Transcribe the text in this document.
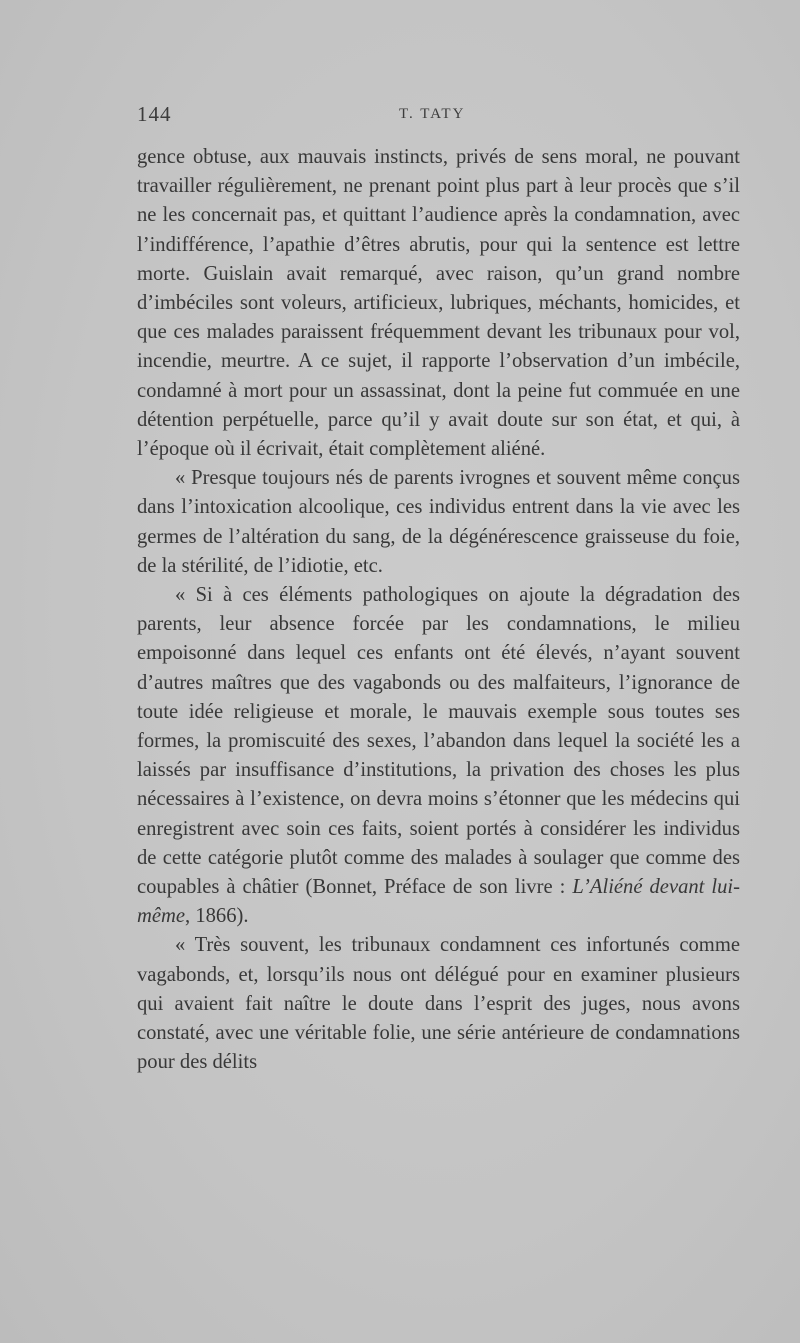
144	T. TATY

gence obtuse, aux mauvais instincts, privés de sens moral, ne pouvant travailler régulièrement, ne prenant point plus part à leur procès que s’il ne les concernait pas, et quittant l’audience après la condamnation, avec l’indifférence, l’apathie d’êtres abrutis, pour qui la sentence est lettre morte. Guislain avait remarqué, avec raison, qu’un grand nombre d’imbéciles sont voleurs, artificieux, lubriques, méchants, homicides, et que ces malades paraissent fréquemment devant les tribunaux pour vol, incendie, meurtre. A ce sujet, il rapporte l’observation d’un imbécile, condamné à mort pour un assassinat, dont la peine fut commuée en une détention perpétuelle, parce qu’il y avait doute sur son état, et qui, à l’époque où il écrivait, était complètement aliéné.

« Presque toujours nés de parents ivrognes et souvent même conçus dans l’intoxication alcoolique, ces individus entrent dans la vie avec les germes de l’altération du sang, de la dégénérescence graisseuse du foie, de la stérilité, de l’idiotie, etc.

« Si à ces éléments pathologiques on ajoute la dégradation des parents, leur absence forcée par les condamnations, le milieu empoisonné dans lequel ces enfants ont été élevés, n’ayant souvent d’autres maîtres que des vagabonds ou des malfaiteurs, l’ignorance de toute idée religieuse et morale, le mauvais exemple sous toutes ses formes, la promiscuité des sexes, l’abandon dans lequel la société les a laissés par insuffisance d’institutions, la privation des choses les plus nécessaires à l’existence, on devra moins s’étonner que les médecins qui enregistrent avec soin ces faits, soient portés à considérer les individus de cette catégorie plutôt comme des malades à soulager que comme des coupables à châtier (Bonnet, Préface de son livre : L’Aliéné devant lui-même, 1866).

« Très souvent, les tribunaux condamnent ces infortunés comme vagabonds, et, lorsqu’ils nous ont délégué pour en examiner plusieurs qui avaient fait naître le doute dans l’esprit des juges, nous avons constaté, avec une véritable folie, une série antérieure de condamnations pour des délits
